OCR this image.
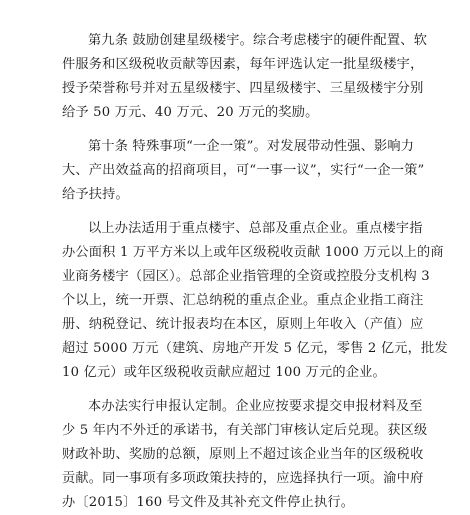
第九条 鼓励创建星级楼宇。综合考虑楼宇的硬件配置、软
件服务和区级税收贡献等因素，每年评选认定一批星级楼宇，
授予荣誉称号并对五星级楼宇、四星级楼宇、三星级楼宇分别
给予 50 万元、40 万元、20 万元的奖励。
第十条 特殊事项“一企一策”。对发展带动性强、影响力
大、产出效益高的招商项目，可“一事一议”，实行“一企一策”
给予扶持。
以上办法适用于重点楼宇、总部及重点企业。重点楼宇指
办公面积 1 万平方米以上或年区级税收贡献 1000 万元以上的商
业商务楼宇（园区）。总部企业指管理的全资或控股分支机构 3
个以上，统一开票、汇总纳税的重点企业。重点企业指工商注
册、纳税登记、统计报表均在本区，原则上年收入（产值）应
超过 5000 万元（建筑、房地产开发 5 亿元，零售 2 亿元，批发
10 亿元）或年区级税收贡献应超过 100 万元的企业。
本办法实行申报认定制。企业应按要求提交申报材料及至
少 5 年内不外迁的承诺书，有关部门审核认定后兑现。获区级
财政补助、奖励的总额，原则上不超过该企业当年的区级税收
贡献。同一事项有多项政策扶持的，应选择执行一项。渝中府
办〔2015〕160 号文件及其补充文件停止执行。
